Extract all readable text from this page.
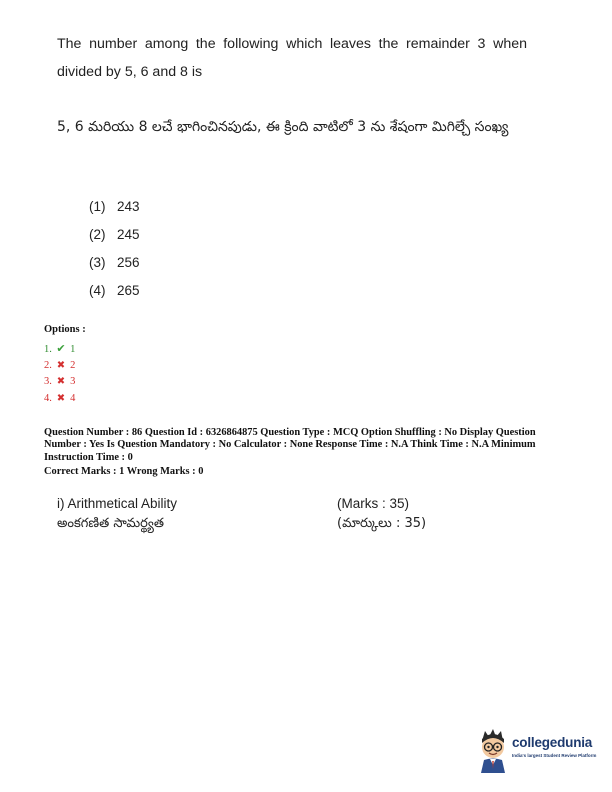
The number among the following which leaves the remainder 3 when divided by 5, 6 and 8 is
5, 6 మరియు 8 లచే భాగించినపుడు, ఈ క్రింది వాటిలో 3 ను శేషంగా మిగిల్చే సంఖ్య
(1) 243
(2) 245
(3) 256
(4) 265
Options :
1. ✔ 1
2. ✖ 2
3. ✖ 3
4. ✖ 4
Question Number : 86 Question Id : 6326864875 Question Type : MCQ Option Shuffling : No Display Question Number : Yes Is Question Mandatory : No Calculator : None Response Time : N.A Think Time : N.A Minimum Instruction Time : 0
Correct Marks : 1 Wrong Marks : 0
i) Arithmetical Ability	(Marks : 35)
అంకగణిత సామర్థ్యత	(మార్కులు : 35)
collegedunia
India's largest Student Review Platform
